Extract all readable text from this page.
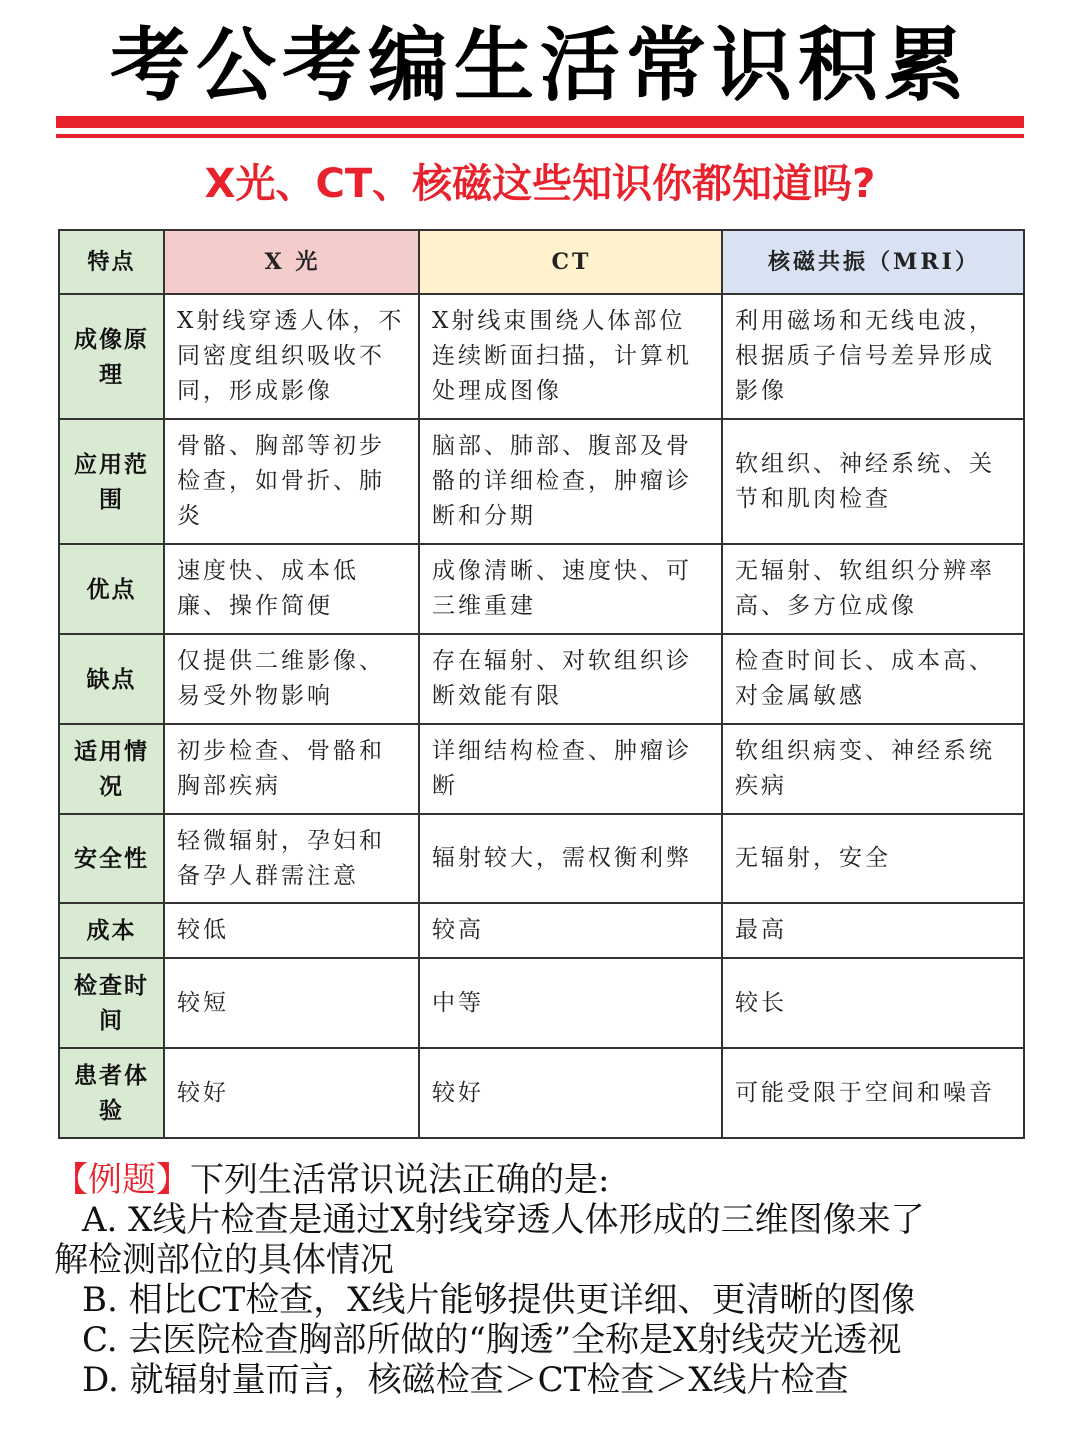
考公考编生活常识积累
X光、CT、核磁这些知识你都知道吗?
特点	X 光	CT	核磁共振（MRI）
成像原理	X射线穿透人体，不同密度组织吸收不同，形成影像	X射线束围绕人体部位连续断面扫描，计算机处理成图像	利用磁场和无线电波，根据质子信号差异形成影像
应用范围	骨骼、胸部等初步检查，如骨折、肺炎	脑部、肺部、腹部及骨骼的详细检查，肿瘤诊断和分期	软组织、神经系统、关节和肌肉检查
优点	速度快、成本低廉、操作简便	成像清晰、速度快、可三维重建	无辐射、软组织分辨率高、多方位成像
缺点	仅提供二维影像、易受外物影响	存在辐射、对软组织诊断效能有限	检查时间长、成本高、对金属敏感
适用情况	初步检查、骨骼和胸部疾病	详细结构检查、肿瘤诊断	软组织病变、神经系统疾病
安全性	轻微辐射，孕妇和备孕人群需注意	辐射较大，需权衡利弊	无辐射，安全
成本	较低	较高	最高
检查时间	较短	中等	较长
患者体验	较好	较好	可能受限于空间和噪音
【例题】下列生活常识说法正确的是:
A. X线片检查是通过X射线穿透人体形成的三维图像来了
解检测部位的具体情况
B. 相比CT检查，X线片能够提供更详细、更清晰的图像
C. 去医院检查胸部所做的“胸透”全称是X射线荧光透视
D. 就辐射量而言，核磁检查＞CT检查＞X线片检查
